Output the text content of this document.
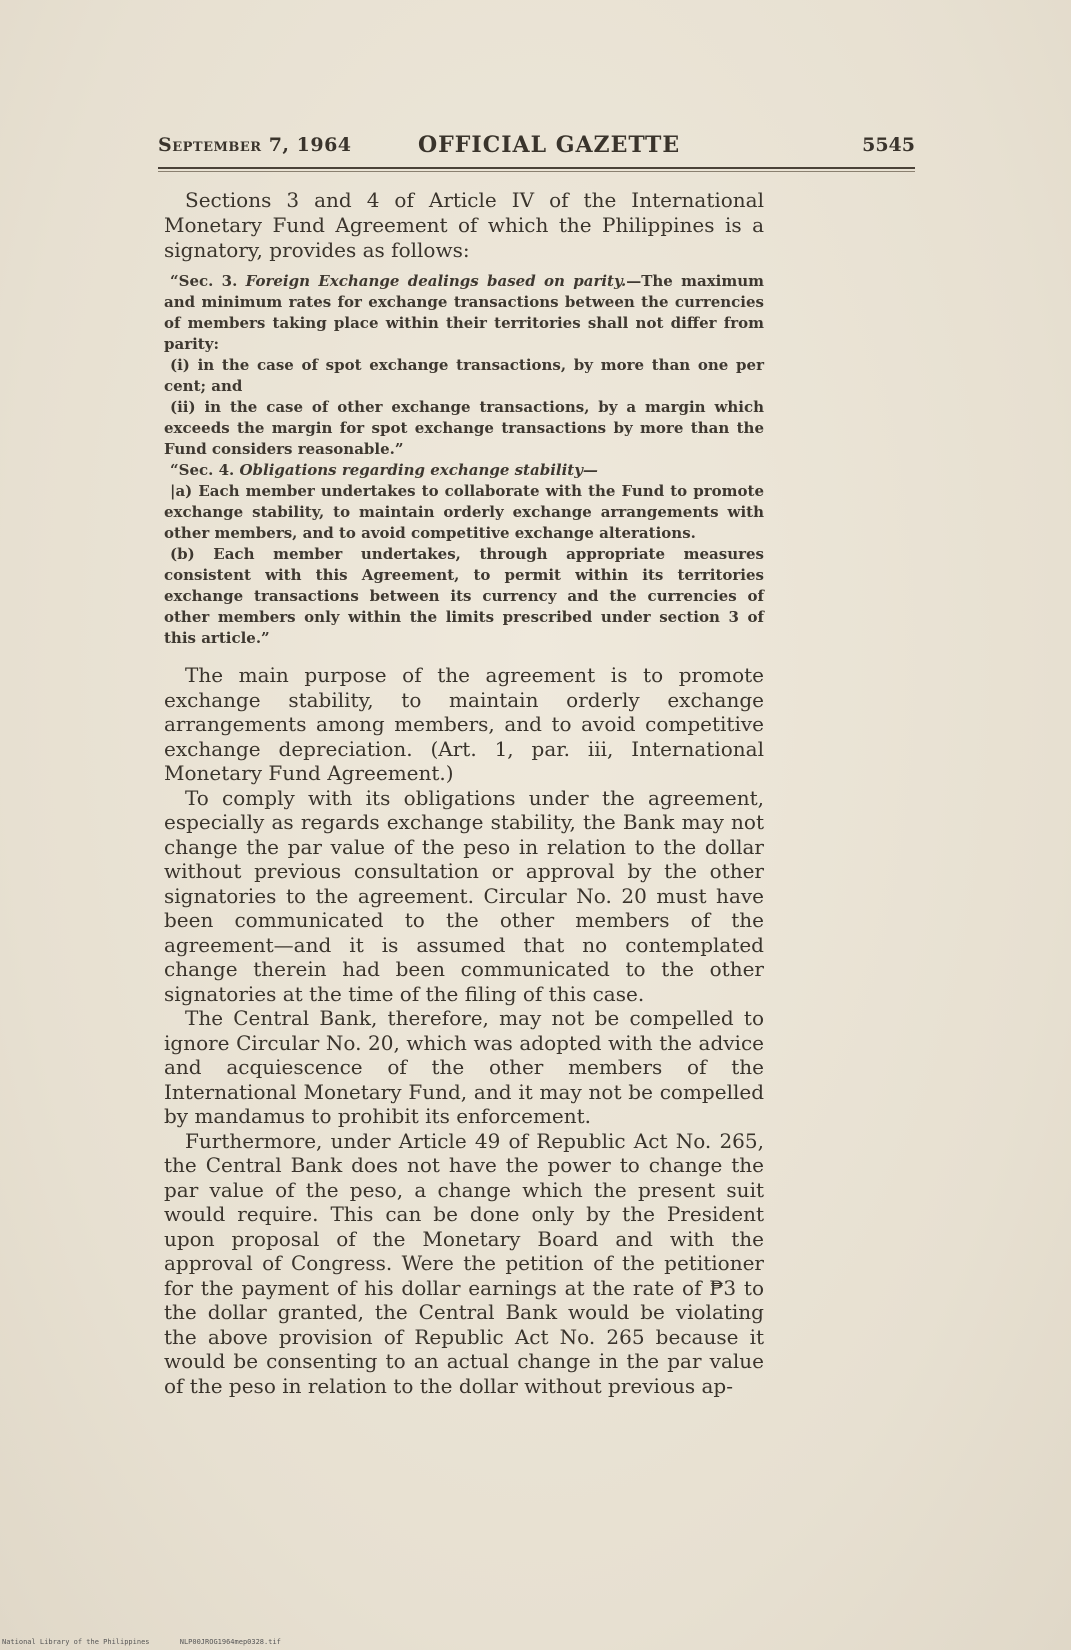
September 7, 1964	OFFICIAL GAZETTE	5545

Sections 3 and 4 of Article IV of the International Monetary Fund Agreement of which the Philippines is a signatory, provides as follows:

“Sec. 3. Foreign Exchange dealings based on parity.—The maximum and minimum rates for exchange transactions between the currencies of members taking place within their territories shall not differ from parity:

(i) in the case of spot exchange transactions, by more than one per cent; and

(ii) in the case of other exchange transactions, by a margin which exceeds the margin for spot exchange transactions by more than the Fund considers reasonable.”

“Sec. 4. Obligations regarding exchange stability—

|a) Each member undertakes to collaborate with the Fund to promote exchange stability, to maintain orderly exchange arrangements with other members, and to avoid competitive exchange alterations.

(b) Each member undertakes, through appropriate measures consistent with this Agreement, to permit within its territories exchange transactions between its currency and the currencies of other members only within the limits prescribed under section 3 of this article.”

The main purpose of the agreement is to promote exchange stability, to maintain orderly exchange arrangements among members, and to avoid competitive exchange depreciation. (Art. 1, par. iii, International Monetary Fund Agreement.)

To comply with its obligations under the agreement, especially as regards exchange stability, the Bank may not change the par value of the peso in relation to the dollar without previous consultation or approval by the other signatories to the agreement. Circular No. 20 must have been communicated to the other members of the agreement—and it is assumed that no contemplated change therein had been communicated to the other signatories at the time of the filing of this case.

The Central Bank, therefore, may not be compelled to ignore Circular No. 20, which was adopted with the advice and acquiescence of the other members of the International Monetary Fund, and it may not be compelled by mandamus to prohibit its enforcement.

Furthermore, under Article 49 of Republic Act No. 265, the Central Bank does not have the power to change the par value of the peso, a change which the present suit would require. This can be done only by the President upon proposal of the Monetary Board and with the approval of Congress. Were the petition of the petitioner for the payment of his dollar earnings at the rate of ₱3 to the dollar granted, the Central Bank would be violating the above provision of Republic Act No. 265 because it would be consenting to an actual change in the par value of the peso in relation to the dollar without previous ap-

National Library of the Philippines	NLP00JROG1964mep0328.tif
